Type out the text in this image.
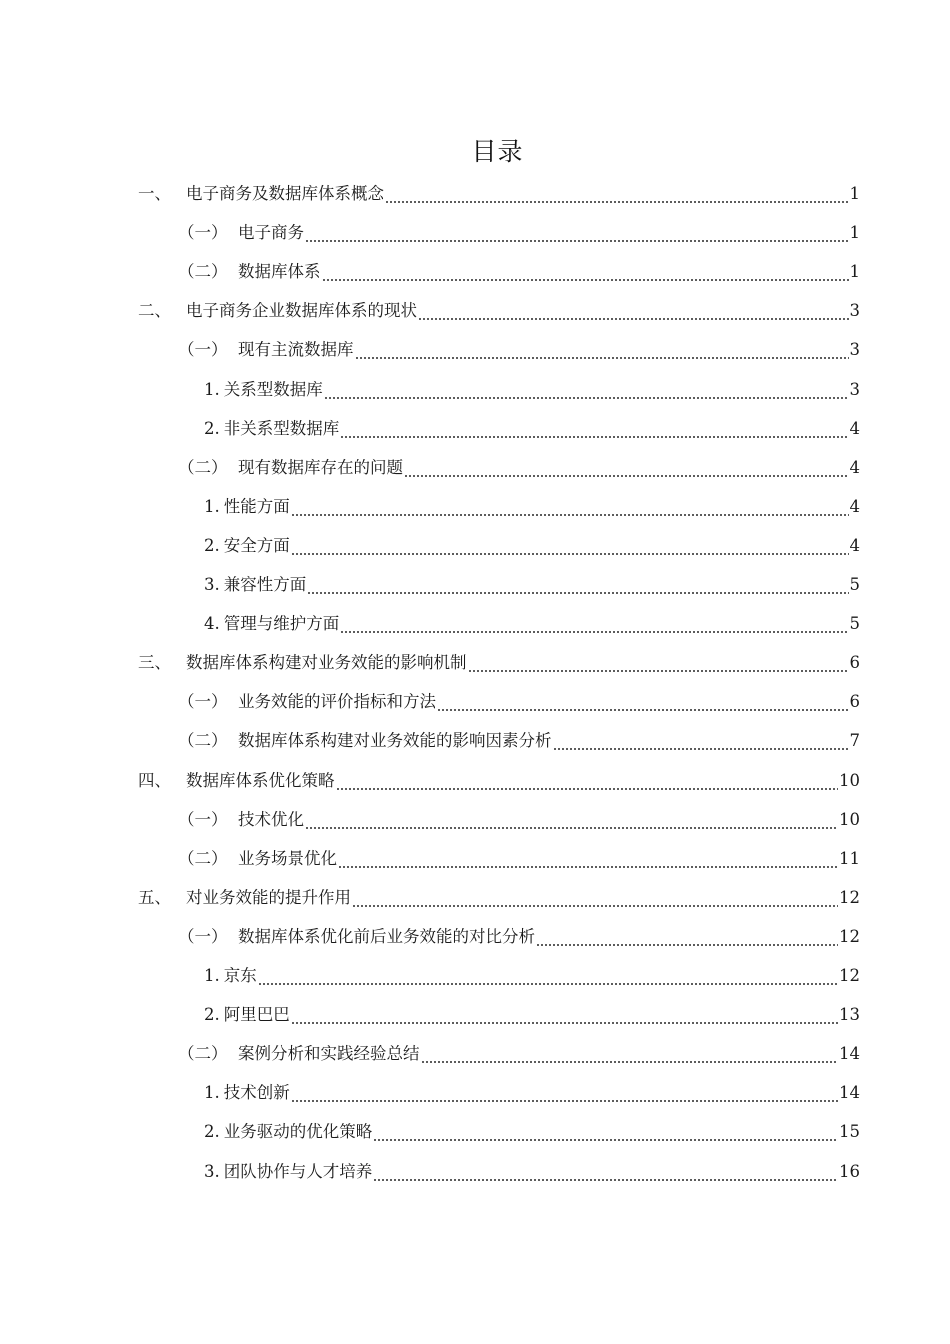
目录
一、 电子商务及数据库体系概念	1
（一） 电子商务	1
（二） 数据库体系	1
二、 电子商务企业数据库体系的现状	3
（一） 现有主流数据库	3
1. 关系型数据库	3
2. 非关系型数据库	4
（二） 现有数据库存在的问题	4
1. 性能方面	4
2. 安全方面	4
3. 兼容性方面	5
4. 管理与维护方面	5
三、 数据库体系构建对业务效能的影响机制	6
（一） 业务效能的评价指标和方法	6
（二） 数据库体系构建对业务效能的影响因素分析	7
四、 数据库体系优化策略	10
（一） 技术优化	10
（二） 业务场景优化	11
五、 对业务效能的提升作用	12
（一） 数据库体系优化前后业务效能的对比分析	12
1. 京东	12
2. 阿里巴巴	13
（二） 案例分析和实践经验总结	14
1. 技术创新	14
2. 业务驱动的优化策略	15
3. 团队协作与人才培养	16
